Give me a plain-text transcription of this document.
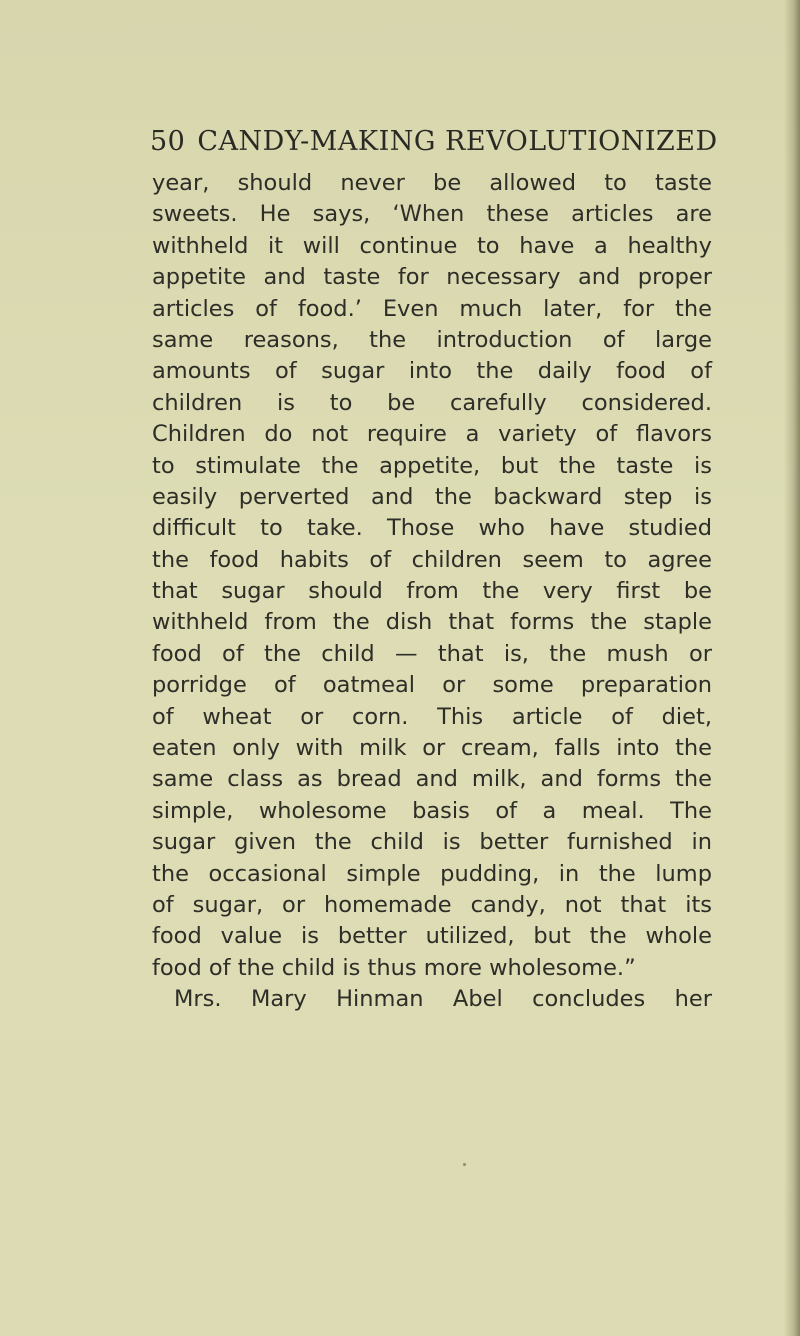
50 CANDY-MAKING REVOLUTIONIZED
year, should never be allowed to taste
sweets. He says, ‘When these articles are
withheld it will continue to have a healthy
appetite and taste for necessary and proper
articles of food.’ Even much later, for the
same reasons, the introduction of large
amounts of sugar into the daily food of
children is to be carefully considered.
Children do not require a variety of flavors
to stimulate the appetite, but the taste is
easily perverted and the backward step is
difficult to take. Those who have studied
the food habits of children seem to agree
that sugar should from the very first be
withheld from the dish that forms the staple
food of the child — that is, the mush or
porridge of oatmeal or some preparation
of wheat or corn. This article of diet,
eaten only with milk or cream, falls into the
same class as bread and milk, and forms the
simple, wholesome basis of a meal. The
sugar given the child is better furnished in
the occasional simple pudding, in the lump
of sugar, or homemade candy, not that its
food value is better utilized, but the whole
food of the child is thus more wholesome.”
Mrs. Mary Hinman Abel concludes her
